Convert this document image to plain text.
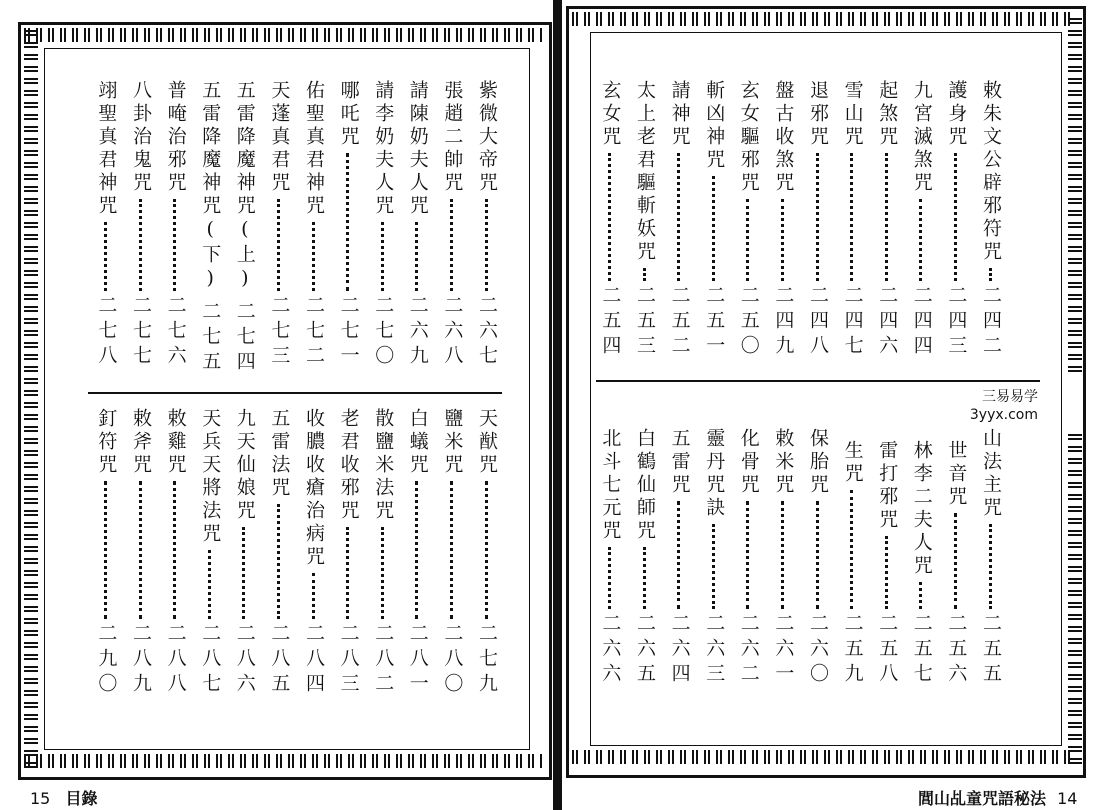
紫微大帝咒
二六七
張趙二帥咒
二六八
請陳奶夫人咒
二六九
請李奶夫人咒
二七〇
哪吒咒
二七一
佑聖真君神咒
二七二
天蓬真君咒
二七三
五雷降魔神咒(上)
二七四
五雷降魔神咒(下)
二七五
普唵治邪咒
二七六
八卦治鬼咒
二七七
翊聖真君神咒
二七八
天猷咒
二七九
鹽米咒
二八〇
白蟻咒
二八一
散鹽米法咒
二八二
老君收邪咒
二八三
收膿收瘡治病咒
二八四
五雷法咒
二八五
九天仙娘咒
二八六
天兵天將法咒
二八七
敕雞咒
二八八
敕斧咒
二八九
釘符咒
二九〇
15 目錄
三易易学
3yyx.com
敕朱文公辟邪符咒
二四二
護身咒
二四三
九宮滅煞咒
二四四
起煞咒
二四六
雪山咒
二四七
退邪咒
二四八
盤古收煞咒
二四九
玄女驅邪咒
二五〇
斬凶神咒
二五一
請神咒
二五二
太上老君驅斬妖咒
二五三
玄女咒
二五四
山法主咒
二五五
世音咒
二五六
林李二夫人咒
二五七
雷打邪咒
二五八
生咒
二五九
保胎咒
二六〇
敕米咒
二六一
化骨咒
二六二
靈丹咒訣
二六三
五雷咒
二六四
白鶴仙師咒
二六五
北斗七元咒
二六六
閭山乩童咒語秘法 14
